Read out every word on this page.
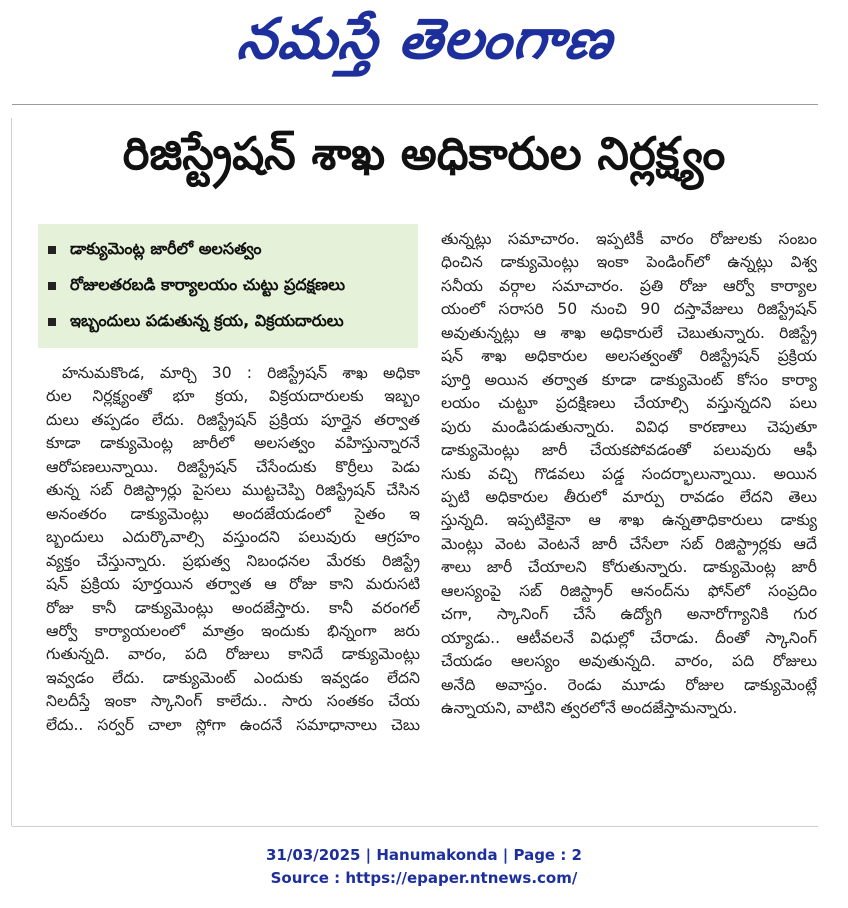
నమస్తే తెలంగాణ
రిజిస్ట్రేషన్ శాఖ అధికారుల నిర్లక్ష్యం
డాక్యుమెంట్ల జారీలో అలసత్వం
రోజులతరబడి కార్యాలయం చుట్టు ప్రదక్షణలు
ఇబ్బందులు పడుతున్న క్రయ, విక్రయదారులు
హనుమకొండ, మార్చి 30 : రిజిస్ట్రేషన్ శాఖ అధికా
రుల నిర్లక్ష్యంతో భూ క్రయ, విక్రయదారులకు ఇబ్బం
దులు తప్పడం లేదు. రిజిస్ట్రేషన్ ప్రక్రియ పూర్తైన తర్వాత
కూడా డాక్యుమెంట్ల జారీలో అలసత్వం వహిస్తున్నారనే
ఆరోపణలున్నాయి. రిజిస్ట్రేషన్ చేసేందుకు కొర్రీలు పెడు
తున్న సబ్ రిజిస్ట్రార్లు పైసలు ముట్టచెప్పి రిజిస్ట్రేషన్ చేసిన
అనంతరం డాక్యుమెంట్లు అందజేయడంలో సైతం ఇ
బ్బందులు ఎదుర్కొవాల్సి వస్తుందని పలువురు ఆగ్రహం
వ్యక్తం చేస్తున్నారు. ప్రభుత్వ నిబంధనల మేరకు రిజిస్ట్రే
షన్ ప్రక్రియ పూర్తయిన తర్వాత ఆ రోజు కాని మరుసటి
రోజు కానీ డాక్యుమెంట్లు అందజేస్తారు. కానీ వరంగల్
ఆర్వో కార్యాయలంలో మాత్రం ఇందుకు భిన్నంగా జరు
గుతున్నది. వారం, పది రోజులు కానిదే డాక్యుమెంట్లు
ఇవ్వడం లేదు. డాక్యుమెంట్ ఎందుకు ఇవ్వడం లేదని
నిలదీస్తే ఇంకా స్కానింగ్ కాలేదు.. సారు సంతకం చేయ
లేదు.. సర్వర్ చాలా స్లోగా ఉందనే సమాధానాలు చెబు
తున్నట్లు సమాచారం. ఇప్పటికీ వారం రోజులకు సంబం
ధించిన డాక్యుమెంట్లు ఇంకా పెండింగ్‌లో ఉన్నట్లు విశ్వ
సనీయ వర్గాల సమాచారం. ప్రతి రోజు ఆర్వో కార్యాల
యంలో సరాసరి 50 నుంచి 90 దస్తావేజులు రిజిస్ట్రేషన్
అవుతున్నట్లు ఆ శాఖ అధికారులే చెబుతున్నారు. రిజిస్ట్రే
షన్ శాఖ అధికారుల అలసత్వంతో రిజిస్ట్రేషన్ ప్రక్రియ
పూర్తి అయిన తర్వాత కూడా డాక్యుమెంట్ కోసం కార్యా
లయం చుట్టూ ప్రదక్షిణలు చేయాల్సి వస్తున్నదని పలు
పురు మండిపడుతున్నారు. వివిధ కారణాలు చెపుతూ
డాక్యుమెంట్లు జారీ చేయకపోవడంతో పలువురు ఆఫీ
సుకు వచ్చి గొడవలు పడ్డ సందర్భాలున్నాయి. అయిన
ప్పటి అధికారుల తీరులో మార్పు రావడం లేదని తెలు
స్తున్నది. ఇప్పటికైనా ఆ శాఖ ఉన్నతాధికారులు డాక్యు
మెంట్లు వెంట వెంటనే జారీ చేసేలా సబ్ రిజిస్ట్రార్లకు ఆదే
శాలు జారీ చేయాలని కోరుతున్నారు. డాక్యుమెంట్ల జారీ
ఆలస్యంపై సబ్ రిజిస్ట్రార్ ఆనంద్‌ను ఫోన్‌లో సంప్రదిం
చగా, స్కానింగ్ చేసే ఉద్యోగి అనారోగ్యానికి గుర
య్యాడు.. ఆటీవలనే విధుల్లో చేరాడు. దీంతో స్కానింగ్
చేయడం ఆలస్యం అవుతున్నది. వారం, పది రోజులు
అనేది అవాస్తం. రెండు మూడు రోజుల డాక్యుమెంట్లే
ఉన్నాయని, వాటిని త్వరలోనే అందజేస్తామన్నారు.
31/03/2025 | Hanumakonda | Page : 2
Source : https://epaper.ntnews.com/
